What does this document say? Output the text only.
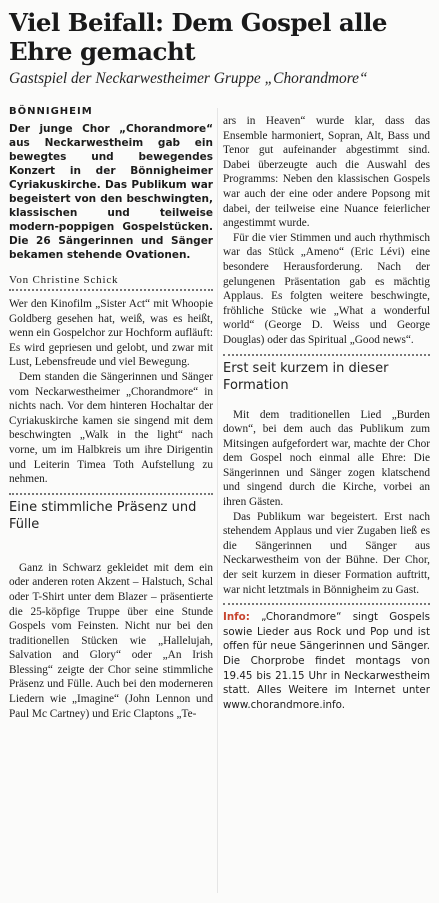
Viel Beifall: Dem Gospel alle Ehre gemacht
Gastspiel der Neckarwestheimer Gruppe „Chorandmore“
BÖNNIGHEIM
Der junge Chor „Chorandmore“ aus Neckarwestheim gab ein bewegtes und bewegendes Konzert in der Bönnigheimer Cyriakuskirche. Das Publikum war begeistert von den beschwingten, klassischen und teilweise modern-poppigen Gospelstücken. Die 26 Sängerinnen und Sänger bekamen stehende Ovationen.
Von Christine Schick

Wer den Kinofilm „Sister Act“ mit Whoopie Goldberg gesehen hat, weiß, was es heißt, wenn ein Gospelchor zur Hochform aufläuft: Es wird gepriesen und gelobt, und zwar mit Lust, Lebensfreude und viel Bewegung.

Dem standen die Sängerinnen und Sänger vom Neckarwestheimer „Chorandmore“ in nichts nach. Vor dem hinteren Hochaltar der Cyriakuskirche kamen sie singend mit dem beschwingten „Walk in the light“ nach vorne, um im Halbkreis um ihre Dirigentin und Leiterin Timea Toth Aufstellung zu nehmen.

Eine stimmliche Präsenz und Fülle

Ganz in Schwarz gekleidet mit dem ein oder anderen roten Akzent – Halstuch, Schal oder T-Shirt unter dem Blazer – präsentierte die 25-köpfige Truppe über eine Stunde Gospels vom Feinsten. Nicht nur bei den traditionellen Stücken wie „Hallelujah, Salvation and Glory“ oder „An Irish Blessing“ zeigte der Chor seine stimmliche Präsenz und Fülle. Auch bei den moderneren Liedern wie „Imagine“ (John Lennon und Paul Mc Cartney) und Eric Claptons „Te-

ars in Heaven“ wurde klar, dass das Ensemble harmoniert, Sopran, Alt, Bass und Tenor gut aufeinander abgestimmt sind. Dabei überzeugte auch die Auswahl des Programms: Neben den klassischen Gospels war auch der eine oder andere Popsong mit dabei, der teilweise eine Nuance feierlicher angestimmt wurde.

Für die vier Stimmen und auch rhythmisch war das Stück „Ameno“ (Eric Lévi) eine besondere Herausforderung. Nach der gelungenen Präsentation gab es mächtig Applaus. Es folgten weitere beschwingte, fröhliche Stücke wie „What a wonderful world“ (George D. Weiss und George Douglas) oder das Spiritual „Good news“.

Erst seit kurzem in dieser Formation

Mit dem traditionellen Lied „Burden down“, bei dem auch das Publikum zum Mitsingen aufgefordert war, machte der Chor dem Gospel noch einmal alle Ehre: Die Sängerinnen und Sänger zogen klatschend und singend durch die Kirche, vorbei an ihren Gästen.

Das Publikum war begeistert. Erst nach stehendem Applaus und vier Zugaben ließ es die Sängerinnen und Sänger aus Neckarwestheim von der Bühne. Der Chor, der seit kurzem in dieser Formation auftritt, war nicht letztmals in Bönnigheim zu Gast.

Info: „Chorandmore“ singt Gospels sowie Lieder aus Rock und Pop und ist offen für neue Sängerinnen und Sänger. Die Chorprobe findet montags von 19.45 bis 21.15 Uhr in Neckarwestheim statt. Alles Weitere im Internet unter www.chorandmore.info.
